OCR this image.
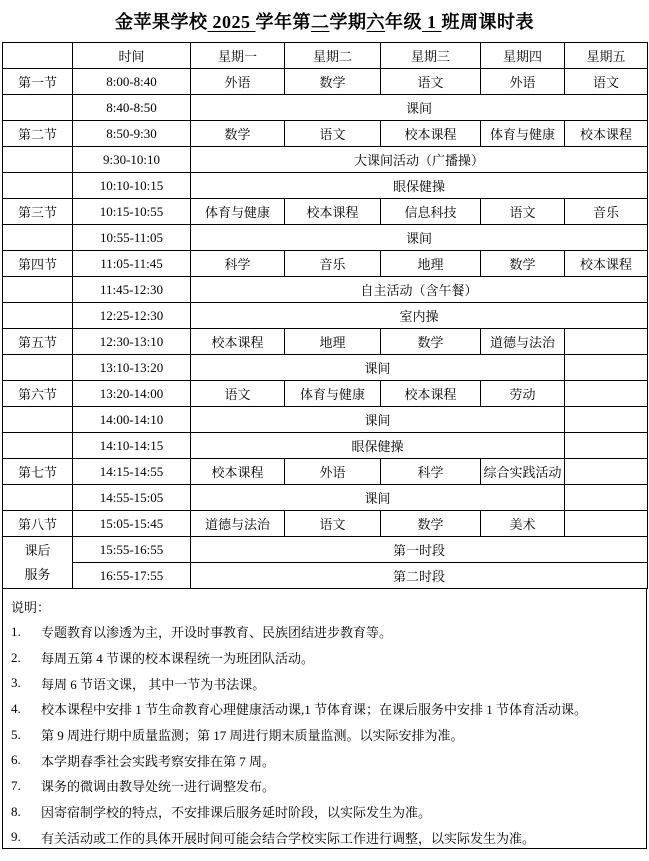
金苹果学校 2025 学年第二学期六年级 1 班周课时表
	时间	星期一	星期二	星期三	星期四	星期五
第一节	8:00-8:40	外语	数学	语文	外语	语文
	8:40-8:50	课间				
第二节	8:50-9:30	数学	语文	校本课程	体育与健康	校本课程
	9:30-10:10	大课间活动（广播操）				
	10:10-10:15	眼保健操				
第三节	10:15-10:55	体育与健康	校本课程	信息科技	语文	音乐
	10:55-11:05	课间				
第四节	11:05-11:45	科学	音乐	地理	数学	校本课程
	11:45-12:30	自主活动（含午餐）				
	12:25-12:30	室内操				
第五节	12:30-13:10	校本课程	地理	数学	道德与法治	
	13:10-13:20	课间				
第六节	13:20-14:00	语文	体育与健康	校本课程	劳动	
	14:00-14:10	课间				
	14:10-14:15	眼保健操				
第七节	14:15-14:55	校本课程	外语	科学	综合实践活动	
	14:55-15:05	课间				
第八节	15:05-15:45	道德与法治	语文	数学	美术	
课后服务	15:55-16:55	第一时段				
	16:55-17:55	第二时段				
说明：
1.	专题教育以渗透为主，开设时事教育、民族团结进步教育等。
2.	每周五第 4 节课的校本课程统一为班团队活动。
3.	每周 6 节语文课， 其中一节为书法课。
4.	校本课程中安排 1 节生命教育心理健康活动课,1 节体育课；在课后服务中安排 1 节体育活动课。
5.	第 9 周进行期中质量监测；第 17 周进行期末质量监测。以实际安排为准。
6.	本学期春季社会实践考察安排在第 7 周。
7.	课务的微调由教导处统一进行调整发布。
8.	因寄宿制学校的特点，不安排课后服务延时阶段，以实际发生为准。
9.	有关活动或工作的具体开展时间可能会结合学校实际工作进行调整，以实际发生为准。
